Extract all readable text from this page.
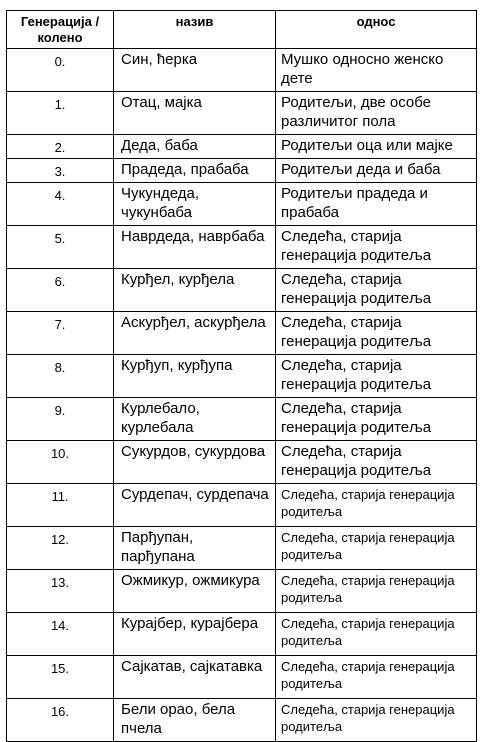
Генерација /колено	назив	однос
0.	Син, ћерка	Мушко односно женско дете
1.	Отац, мајка	Родитељи, две особе различитог пола
2.	Деда, баба	Родитељи оца или мајке
3.	Прадеда, прабаба	Родитељи деда и баба
4.	Чукундеда, чукунбаба	Родитељи прадеда и прабаба
5.	Наврдеда, наврбаба	Следећа, старија генерација родитеља
6.	Курђел, курђела	Следећа, старија генерација родитеља
7.	Аскурђел, аскурђела	Следећа, старија генерација родитеља
8.	Курђуп, курђупа	Следећа, старија генерација родитеља
9.	Курлебало, курлебала	Следећа, старија генерација родитеља
10.	Сукурдов, сукурдова	Следећа, старија генерација родитеља
11.	Сурдепач, сурдепача	Следећа, старија генерација родитеља
12.	Парђупан, парђупана	Следећа, старија генерација родитеља
13.	Ожмикур, ожмикура	Следећа, старија генерација родитеља
14.	Курајбер, курајбера	Следећа, старија генерација родитеља
15.	Сајкатав, сајкатавка	Следећа, старија генерација родитеља
16.	Бели орао, бела пчела	Следећа, старија генерација родитеља
